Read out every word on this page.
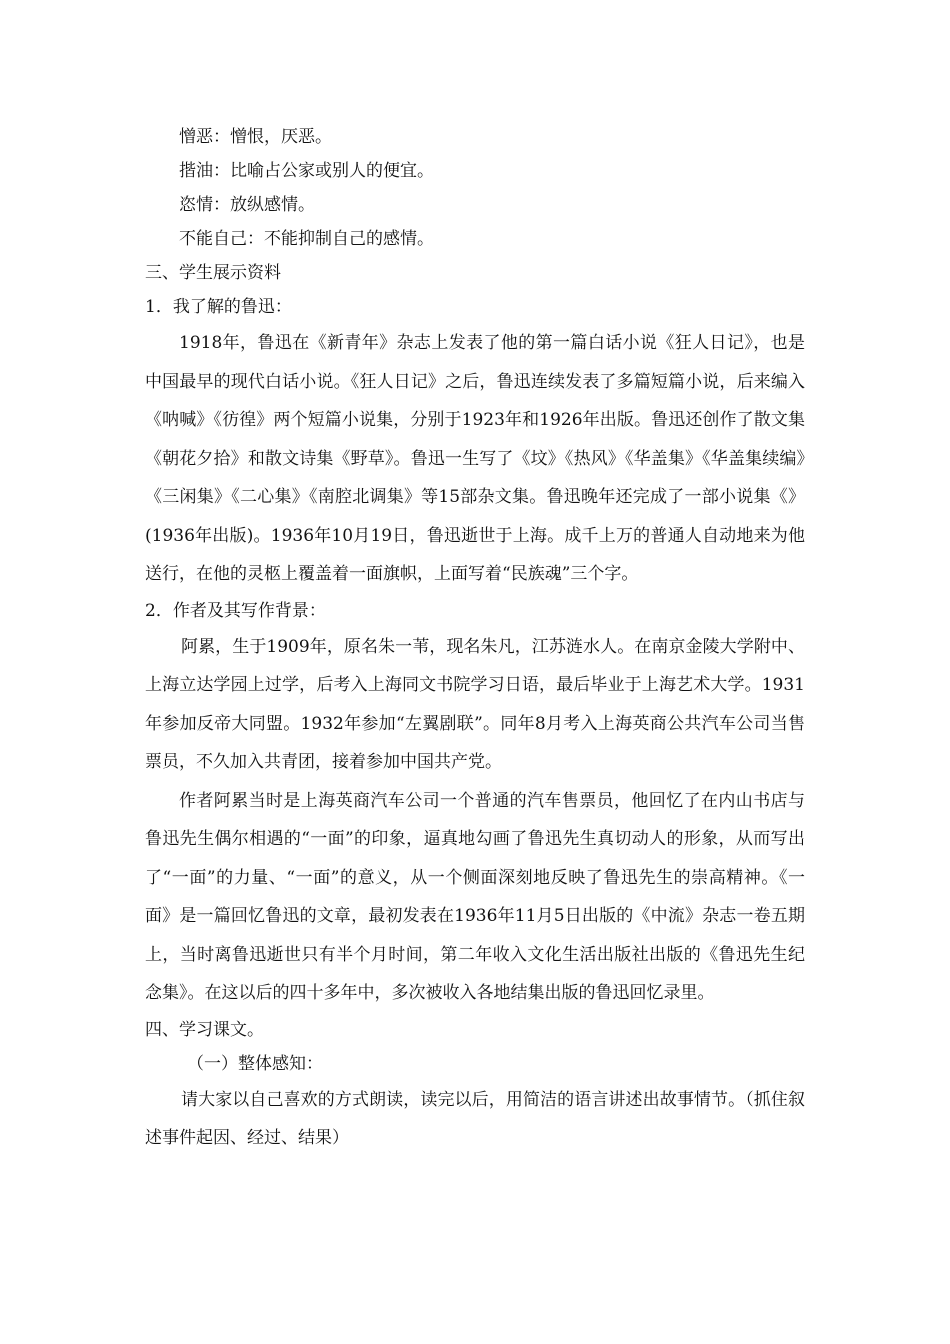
憎恶：憎恨，厌恶。
揩油：比喻占公家或别人的便宜。
恣情：放纵感情。
不能自己：不能抑制自己的感情。
三、学生展示资料
1．我了解的鲁迅：

1918年，鲁迅在《新青年》杂志上发表了他的第一篇白话小说《狂人日记》，也是中国最早的现代白话小说。《狂人日记》之后，鲁迅连续发表了多篇短篇小说，后来编入《呐喊》《彷徨》两个短篇小说集，分别于1923年和1926年出版。鲁迅还创作了散文集《朝花夕拾》和散文诗集《野草》。鲁迅一生写了《坟》《热风》《华盖集》《华盖集续编》《三闲集》《二心集》《南腔北调集》等15部杂文集。鲁迅晚年还完成了一部小说集《》(1936年出版)。1936年10月19日，鲁迅逝世于上海。成千上万的普通人自动地来为他送行，在他的灵柩上覆盖着一面旗帜，上面写着“民族魂”三个字。

2．作者及其写作背景：

阿累，生于1909年，原名朱一苇，现名朱凡，江苏涟水人。在南京金陵大学附中、上海立达学园上过学，后考入上海同文书院学习日语，最后毕业于上海艺术大学。1931年参加反帝大同盟。1932年参加“左翼剧联”。同年8月考入上海英商公共汽车公司当售票员，不久加入共青团，接着参加中国共产党。

作者阿累当时是上海英商汽车公司一个普通的汽车售票员，他回忆了在内山书店与鲁迅先生偶尔相遇的“一面”的印象，逼真地勾画了鲁迅先生真切动人的形象，从而写出了“一面”的力量、“一面”的意义，从一个侧面深刻地反映了鲁迅先生的崇高精神。《一面》是一篇回忆鲁迅的文章，最初发表在1936年11月5日出版的《中流》杂志一卷五期上，当时离鲁迅逝世只有半个月时间，第二年收入文化生活出版社出版的《鲁迅先生纪念集》。在这以后的四十多年中，多次被收入各地结集出版的鲁迅回忆录里。

四、学习课文。
（一）整体感知：

请大家以自己喜欢的方式朗读，读完以后，用简洁的语言讲述出故事情节。（抓住叙述事件起因、经过、结果）
